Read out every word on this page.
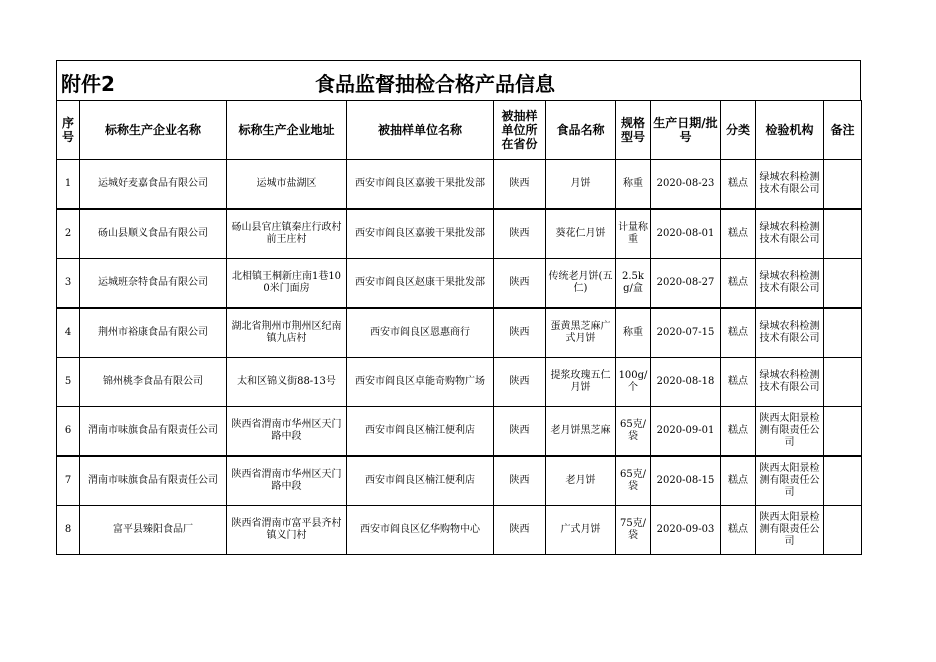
附件2	食品监督抽检合格产品信息
序号	标称生产企业名称	标称生产企业地址	被抽样单位名称	被抽样单位所在省份	食品名称	规格型号	生产日期/批号	分类	检验机构	备注
1	运城好麦嘉食品有限公司	运城市盐湖区	西安市阎良区嘉骏干果批发部	陕西	月饼	称重	2020-08-23	糕点	绿城农科检测技术有限公司	
2	砀山县顺义食品有限公司	砀山县官庄镇秦庄行政村前王庄村	西安市阎良区嘉骏干果批发部	陕西	葵花仁月饼	计量称重	2020-08-01	糕点	绿城农科检测技术有限公司	
3	运城班奈特食品有限公司	北相镇王桐新庄南1巷100米门面房	西安市阎良区赵康干果批发部	陕西	传统老月饼(五仁)	2.5kg/盒	2020-08-27	糕点	绿城农科检测技术有限公司	
4	荆州市裕康食品有限公司	湖北省荆州市荆州区纪南镇九店村	西安市阎良区恩惠商行	陕西	蛋黄黑芝麻广式月饼	称重	2020-07-15	糕点	绿城农科检测技术有限公司	
5	锦州桃李食品有限公司	太和区锦义街88-13号	西安市阎良区卓能奇购物广场	陕西	提浆玫瑰五仁月饼	100g/个	2020-08-18	糕点	绿城农科检测技术有限公司	
6	渭南市味旗食品有限责任公司	陕西省渭南市华州区天门路中段	西安市阎良区楠江便利店	陕西	老月饼黑芝麻	65克/袋	2020-09-01	糕点	陕西太阳景检测有限责任公司	
7	渭南市味旗食品有限责任公司	陕西省渭南市华州区天门路中段	西安市阎良区楠江便利店	陕西	老月饼	65克/袋	2020-08-15	糕点	陕西太阳景检测有限责任公司	
8	富平县臻阳食品厂	陕西省渭南市富平县齐村镇义门村	西安市阎良区亿华购物中心	陕西	广式月饼	75克/袋	2020-09-03	糕点	陕西太阳景检测有限责任公司	
